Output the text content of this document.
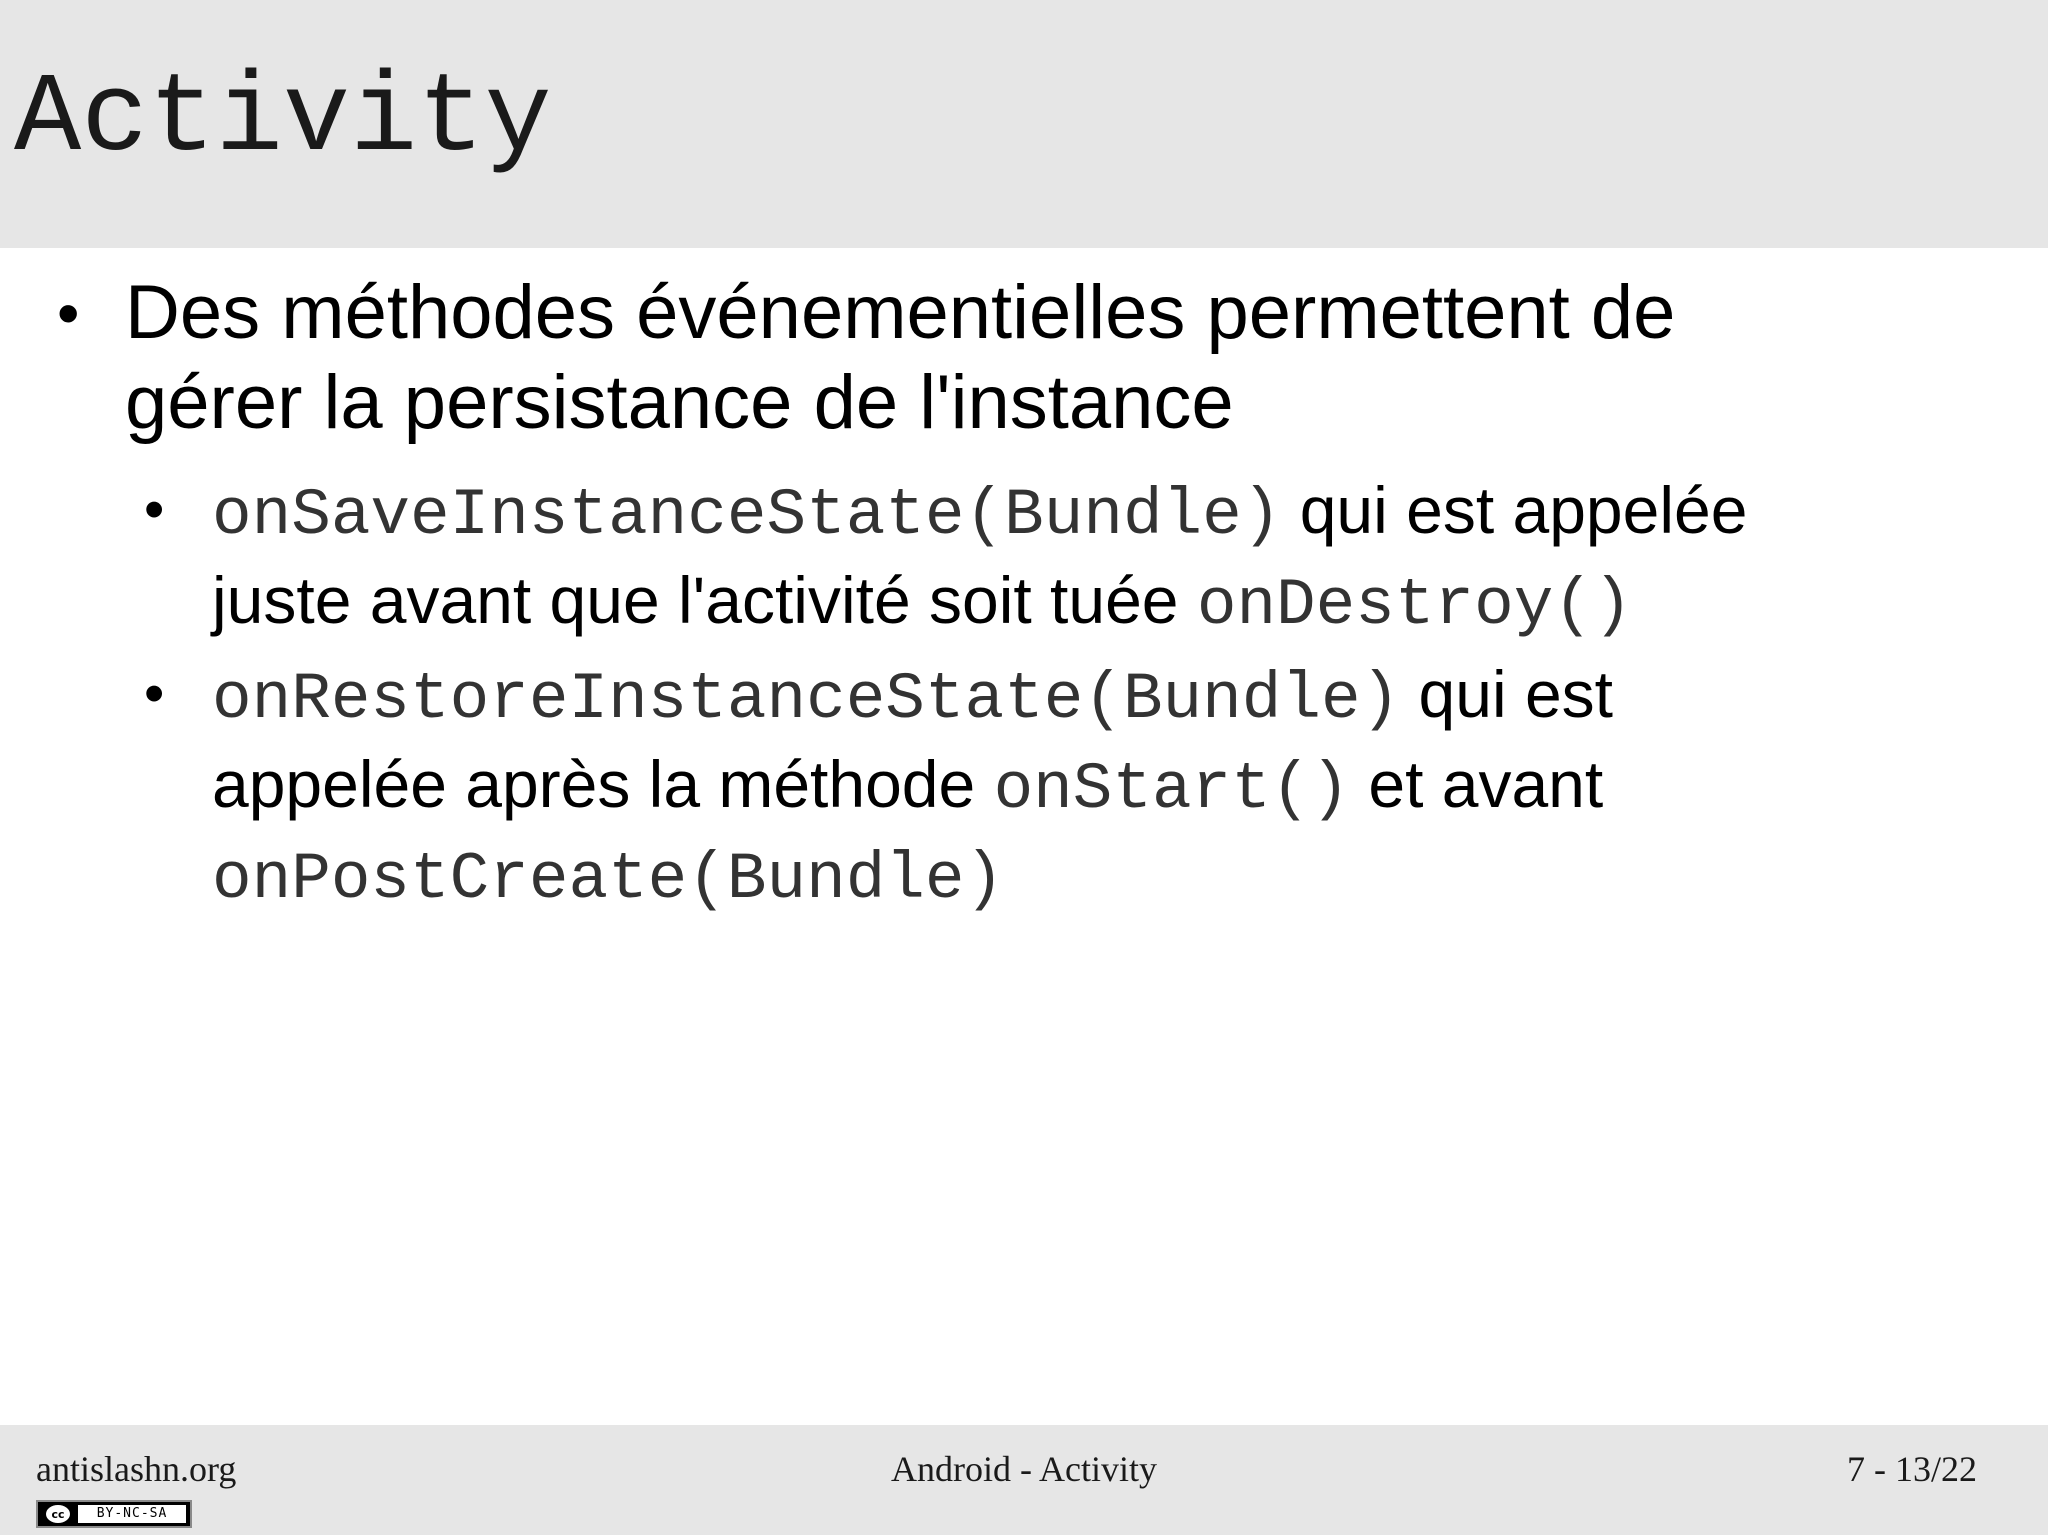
Activity
• Des méthodes événementielles permettent de
gérer la persistance de l'instance
• onSaveInstanceState(Bundle) qui est appelée
juste avant que l'activité soit tuée onDestroy()
• onRestoreInstanceState(Bundle) qui est
appelée après la méthode onStart() et avant
onPostCreate(Bundle)
antislashn.org	Android - Activity	7 - 13/22
cc	BY-NC-SA
